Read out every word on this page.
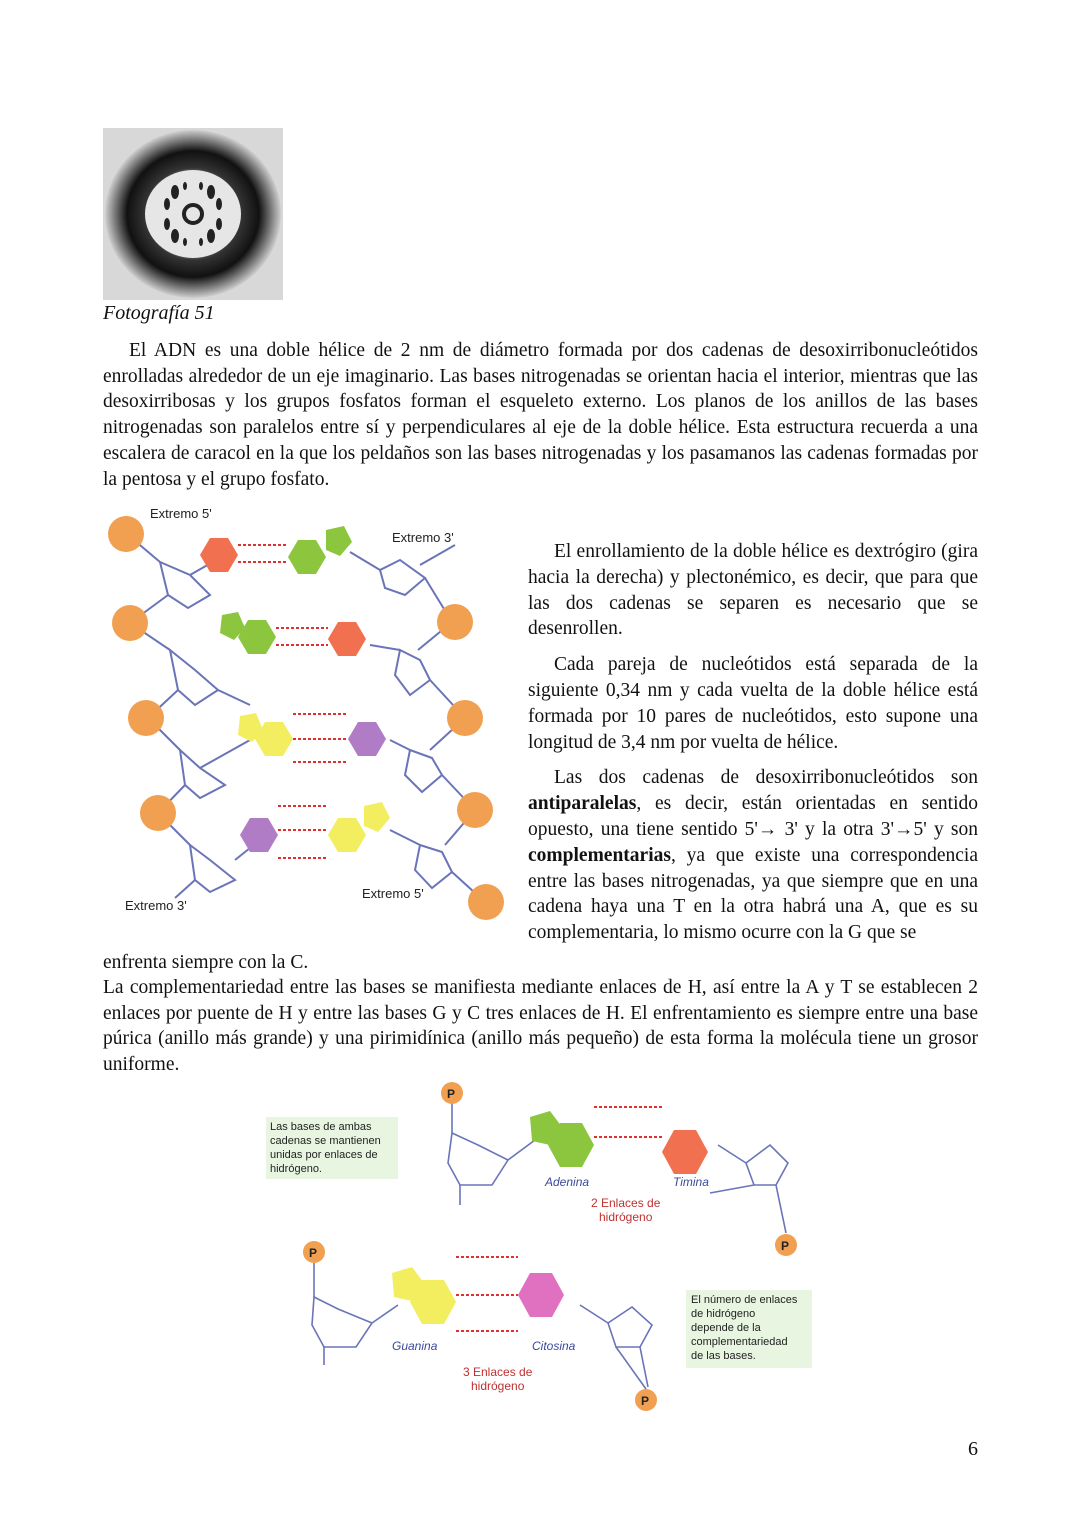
Fotografía 51

El ADN es una doble hélice de 2 nm de diámetro formada por dos cadenas de desoxirribonucleótidos enrolladas alrededor de un eje imaginario. Las bases nitrogenadas se orientan hacia el interior, mientras que las desoxirribosas y los grupos fosfatos forman el esqueleto externo. Los planos de los anillos de las bases nitrogenadas son paralelos entre sí y perpendiculares al eje de la doble hélice. Esta estructura recuerda a una escalera de caracol en la que los peldaños son las bases nitrogenadas y los pasamanos las cadenas formadas por la pentosa y el grupo fosfato.

Extremo 5'
Extremo 3'
Extremo 3'
Extremo 5'

El enrollamiento de la doble hélice es dextrógiro (gira hacia la derecha) y plectonémico, es decir, que para que las dos cadenas se separen es necesario que se desenrollen.

Cada pareja de nucleótidos está separada de la siguiente 0,34 nm y cada vuelta de la doble hélice está formada por 10 pares de nucleótidos, esto supone una longitud de 3,4 nm por vuelta de hélice.

Las dos cadenas de desoxirribonucleótidos son antiparalelas, es decir, están orientadas en sentido opuesto, una tiene sentido 5'→ 3' y la otra 3'→5' y son complementarias, ya que existe una correspondencia entre las bases nitrogenadas, ya que siempre que en una cadena haya una T en la otra habrá una A, que es su complementaria, lo mismo ocurre con la G que se

enfrenta siempre con la C.

La complementariedad entre las bases se manifiesta mediante enlaces de H, así entre la A y T se establecen 2 enlaces por puente de H y entre las bases G y C tres enlaces de H. El enfrentamiento es siempre entre una base púrica (anillo más grande) y una pirimidínica (anillo más pequeño) de esta forma la molécula tiene un grosor uniforme.

Las bases de ambas
cadenas se mantienen
unidas por enlaces de
hidrógeno.
El número de enlaces
de hidrógeno
depende de la
complementariedad
de las bases.
P
Adenina	Timina
2 Enlaces de
hidrógeno
P
P
Guanina	Citosina
3 Enlaces de
hidrógeno
P
6
